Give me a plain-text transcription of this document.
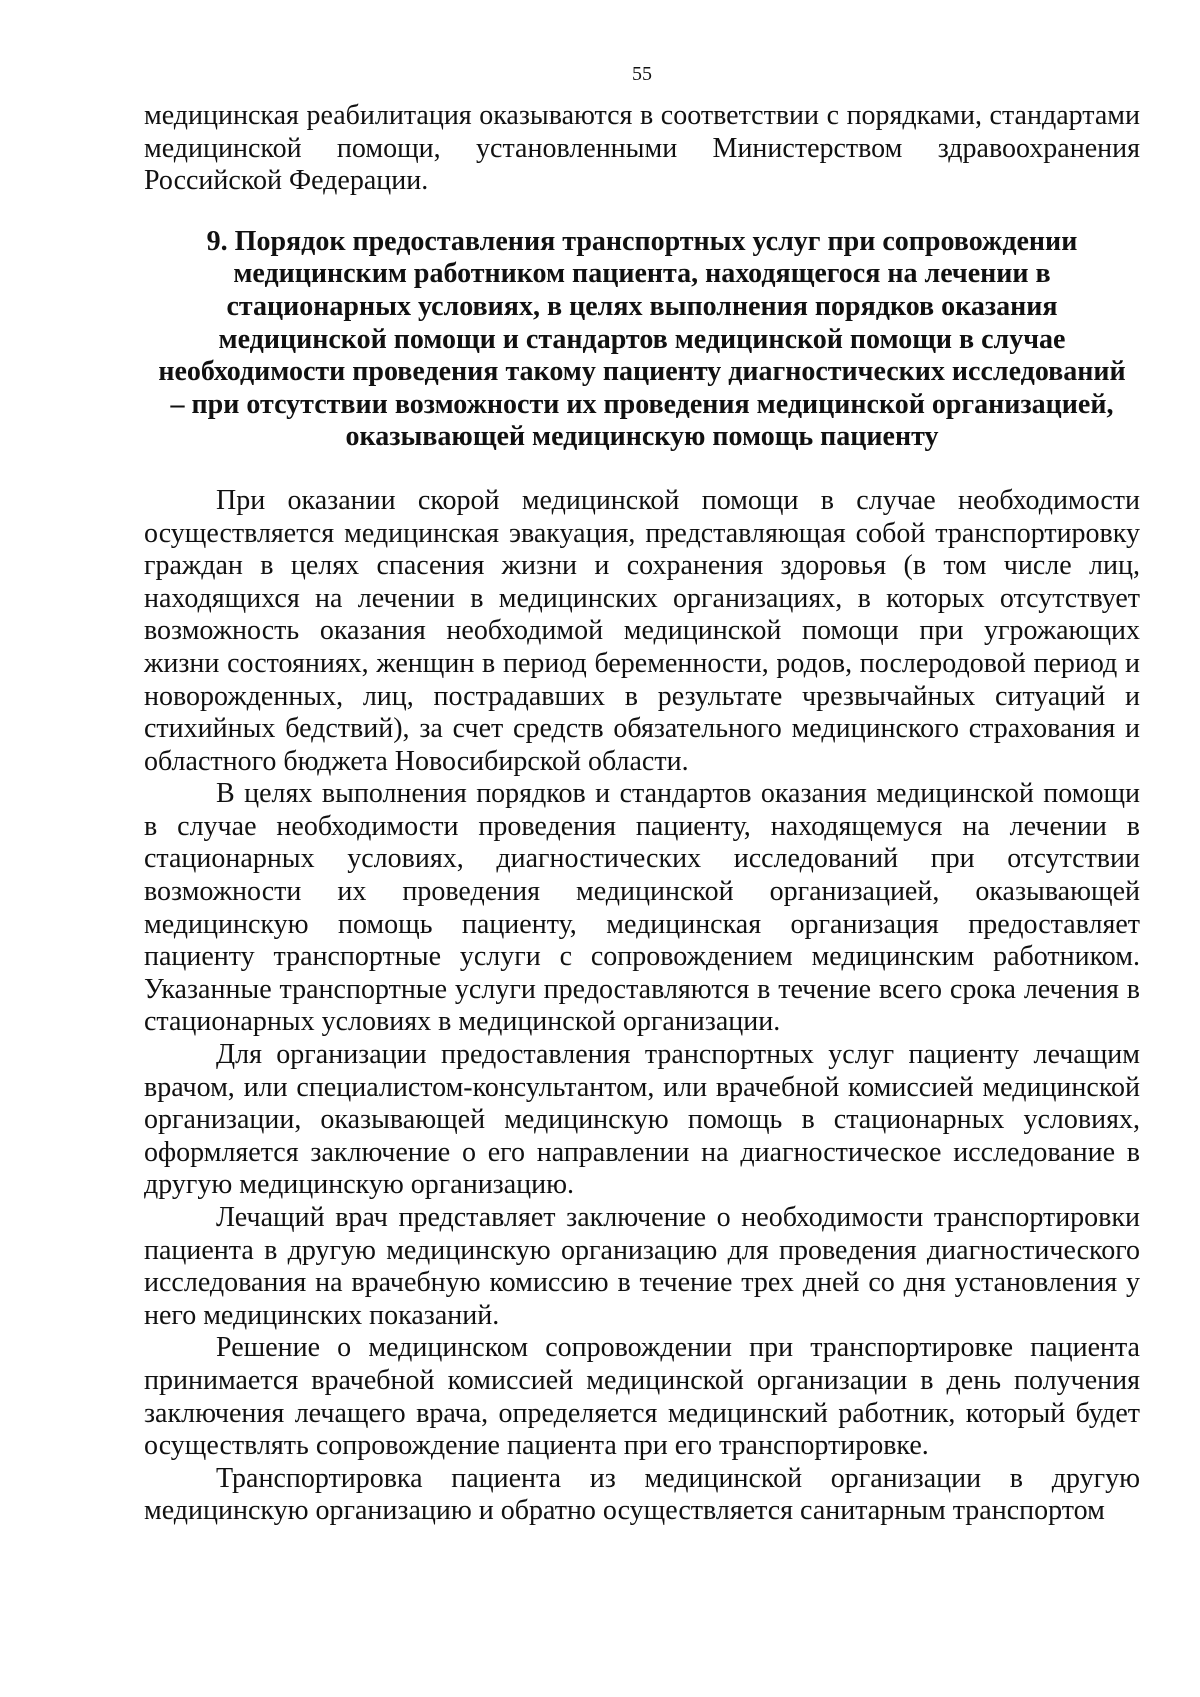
55

медицинская реабилитация оказываются в соответствии с порядками, стандартами медицинской помощи, установленными Министерством здравоохранения Российской Федерации.

9. Порядок предоставления транспортных услуг при сопровождении медицинским работником пациента, находящегося на лечении в стационарных условиях, в целях выполнения порядков оказания медицинской помощи и стандартов медицинской помощи в случае необходимости проведения такому пациенту диагностических исследований – при отсутствии возможности их проведения медицинской организацией, оказывающей медицинскую помощь пациенту

При оказании скорой медицинской помощи в случае необходимости осуществляется медицинская эвакуация, представляющая собой транспортировку граждан в целях спасения жизни и сохранения здоровья (в том числе лиц, находящихся на лечении в медицинских организациях, в которых отсутствует возможность оказания необходимой медицинской помощи при угрожающих жизни состояниях, женщин в период беременности, родов, послеродовой период и новорожденных, лиц, пострадавших в результате чрезвычайных ситуаций и стихийных бедствий), за счет средств обязательного медицинского страхования и областного бюджета Новосибирской области.

В целях выполнения порядков и стандартов оказания медицинской помощи в случае необходимости проведения пациенту, находящемуся на лечении в стационарных условиях, диагностических исследований при отсутствии возможности их проведения медицинской организацией, оказывающей медицинскую помощь пациенту, медицинская организация предоставляет пациенту транспортные услуги с сопровождением медицинским работником. Указанные транспортные услуги предоставляются в течение всего срока лечения в стационарных условиях в медицинской организации.

Для организации предоставления транспортных услуг пациенту лечащим врачом, или специалистом-консультантом, или врачебной комиссией медицинской организации, оказывающей медицинскую помощь в стационарных условиях, оформляется заключение о его направлении на диагностическое исследование в другую медицинскую организацию.

Лечащий врач представляет заключение о необходимости транспортировки пациента в другую медицинскую организацию для проведения диагностического исследования на врачебную комиссию в течение трех дней со дня установления у него медицинских показаний.

Решение о медицинском сопровождении при транспортировке пациента принимается врачебной комиссией медицинской организации в день получения заключения лечащего врача, определяется медицинский работник, который будет осуществлять сопровождение пациента при его транспортировке.

Транспортировка пациента из медицинской организации в другую медицинскую организацию и обратно осуществляется санитарным транспортом
